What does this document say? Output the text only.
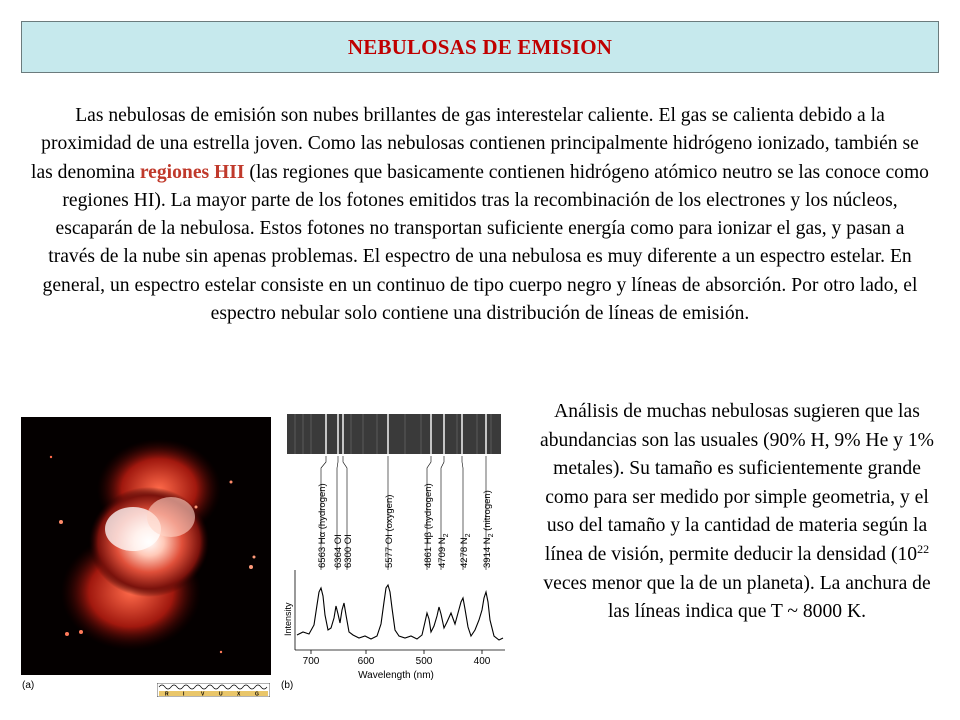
NEBULOSAS DE EMISION
Las nebulosas de emisión son nubes brillantes de gas interestelar caliente. El gas se calienta debido a la proximidad de una estrella joven. Como las nebulosas contienen principalmente hidrógeno ionizado, también se las denomina regiones HII (las regiones que basicamente contienen hidrógeno atómico neutro se las conoce como regiones HI). La mayor parte de los fotones emitidos tras la recombinación de los electrones y los núcleos, escaparán de la nebulosa. Estos fotones no transportan suficiente energía como para ionizar el gas, y pasan a través de la nube sin apenas problemas. El espectro de una nebulosa es muy diferente a un espectro estelar. En general, un espectro estelar consiste en un continuo de tipo cuerpo negro y líneas de absorción. Por otro lado, el espectro nebular solo contiene una distribución de líneas de emisión.
(a)
R	I	V	U	X	G
(b)
6563 Hα (hydrogen) 6364 OI 6300 OI	5577 OI (oxygen)	4861 Hβ (hydrogen) 4709 $N_2$
4278 $N_2$
3914 $N_2$ (nitrogen)
Intensity
700	600	500	400
Wavelength (nm)
Análisis de muchas nebulosas sugieren que las abundancias son las usuales (90% H, 9% He y 1% metales). Su tamaño es suficientemente grande como para ser medido por simple geometria, y el uso del tamaño y la cantidad de materia según la línea de visión, permite deducir la densidad ($10^{22}$ veces menor que la de un planeta). La anchura de las líneas indica que T ~ 8000 K.
